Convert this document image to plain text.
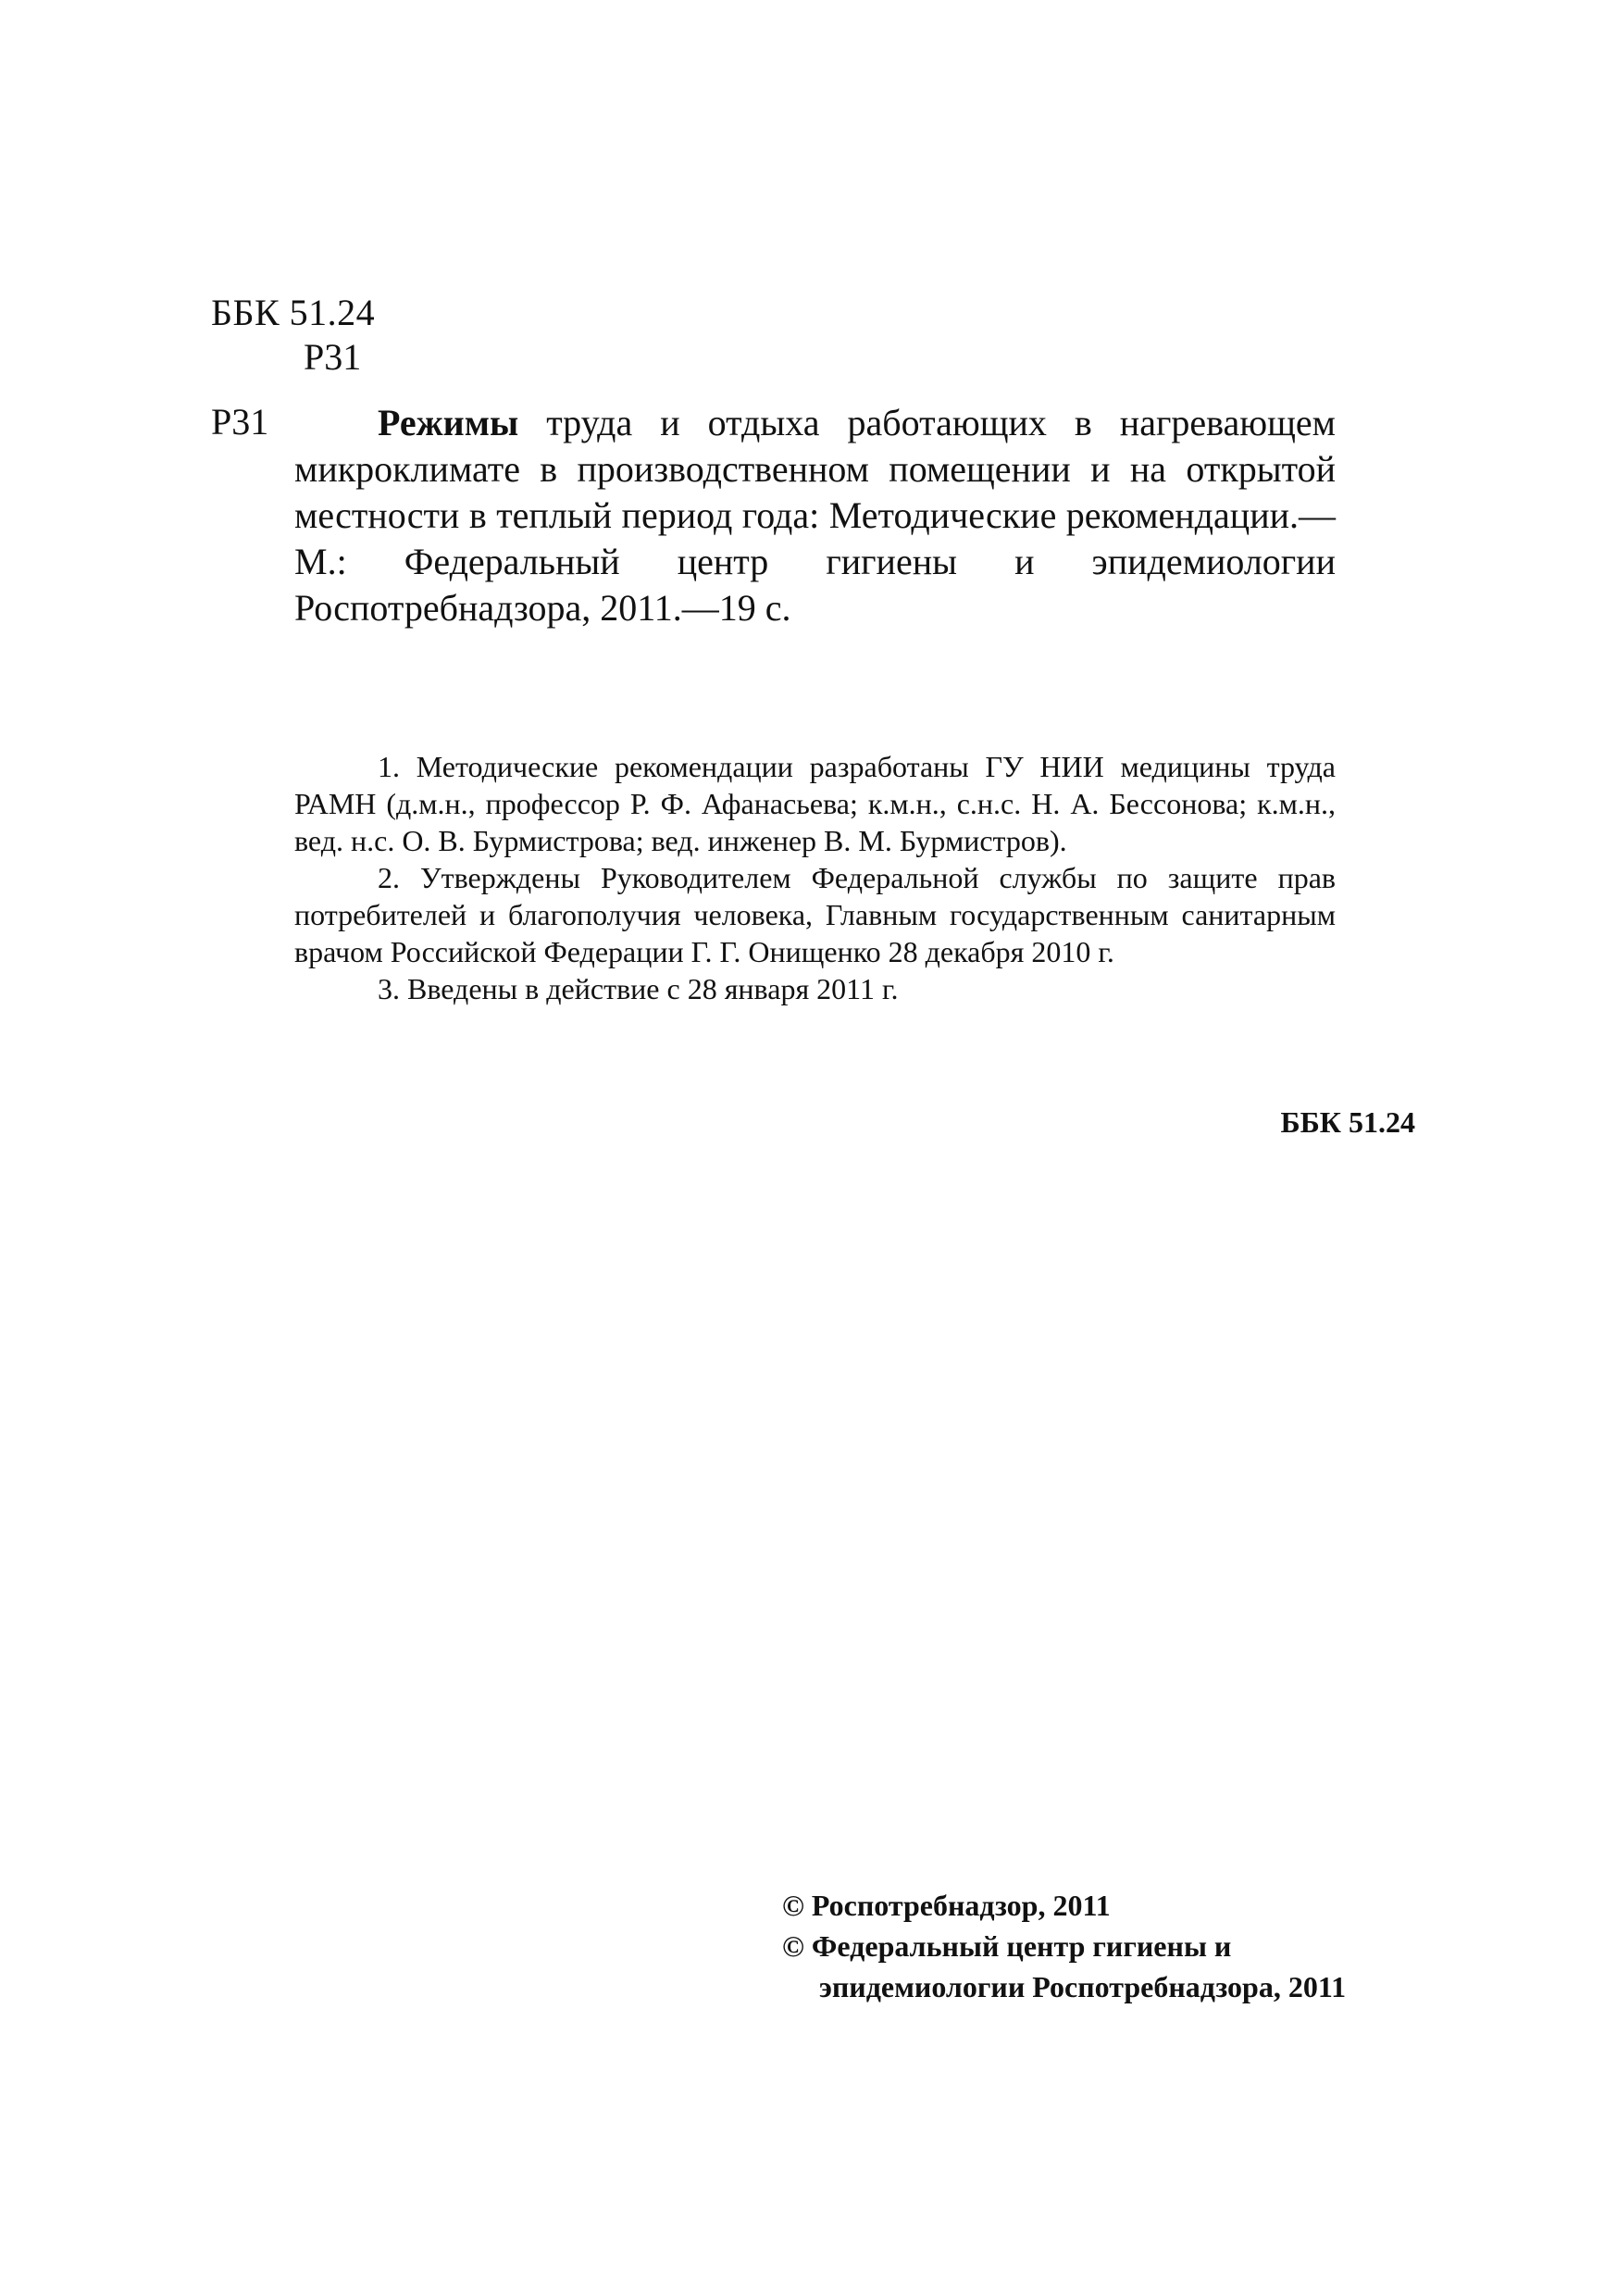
ББК 51.24
Р31
Р31	Режимы труда и отдыха работающих в нагревающем микроклимате в производственном помещении и на открытой местности в теплый период года: Методические рекомендации.—М.: Федеральный центр гигиены и эпидемиологии Роспотребнадзора, 2011.—19 с.

1. Методические рекомендации разработаны ГУ НИИ медицины труда РАМН (д.м.н., профессор Р. Ф. Афанасьева; к.м.н., с.н.с. Н. А. Бессонова; к.м.н., вед. н.с. О. В. Бурмистрова; вед. инженер В. М. Бурмистров).

2. Утверждены Руководителем Федеральной службы по защите прав потребителей и благополучия человека, Главным государственным санитарным врачом Российской Федерации Г. Г. Онищенко 28 декабря 2010 г.

3. Введены в действие с 28 января 2011 г.

ББК 51.24
© Роспотребнадзор, 2011
© Федеральный центр гигиены и
эпидемиологии Роспотребнадзора, 2011
